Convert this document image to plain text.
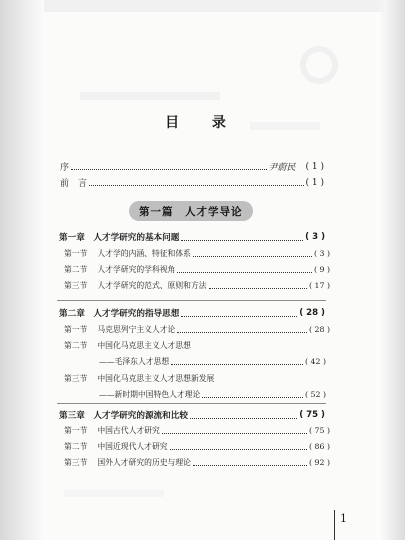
目 录
序	尹蔚民 ( 1 )
前　言	( 1 )
第一篇　人才学导论
第一章　人才学研究的基本问题	( 3 )
第一节 人才学的内涵、特征和体系	( 3 )
第二节 人才学研究的学科视角	( 9 )
第三节 人才学研究的范式、原则和方法	( 17 )
第二章　人才学研究的指导思想	( 28 )
第一节 马克思列宁主义人才论	( 28 )
第二节 中国化马克思主义人才思想
——毛泽东人才思想	( 42 )
第三节 中国化马克思主义人才思想新发展
——新时期中国特色人才理论	( 52 )
第三章　人才学研究的源流和比较	( 75 )
第一节 中国古代人才研究	( 75 )
第二节 中国近现代人才研究	( 86 )
第三节 国外人才研究的历史与理论	( 92 )
1
